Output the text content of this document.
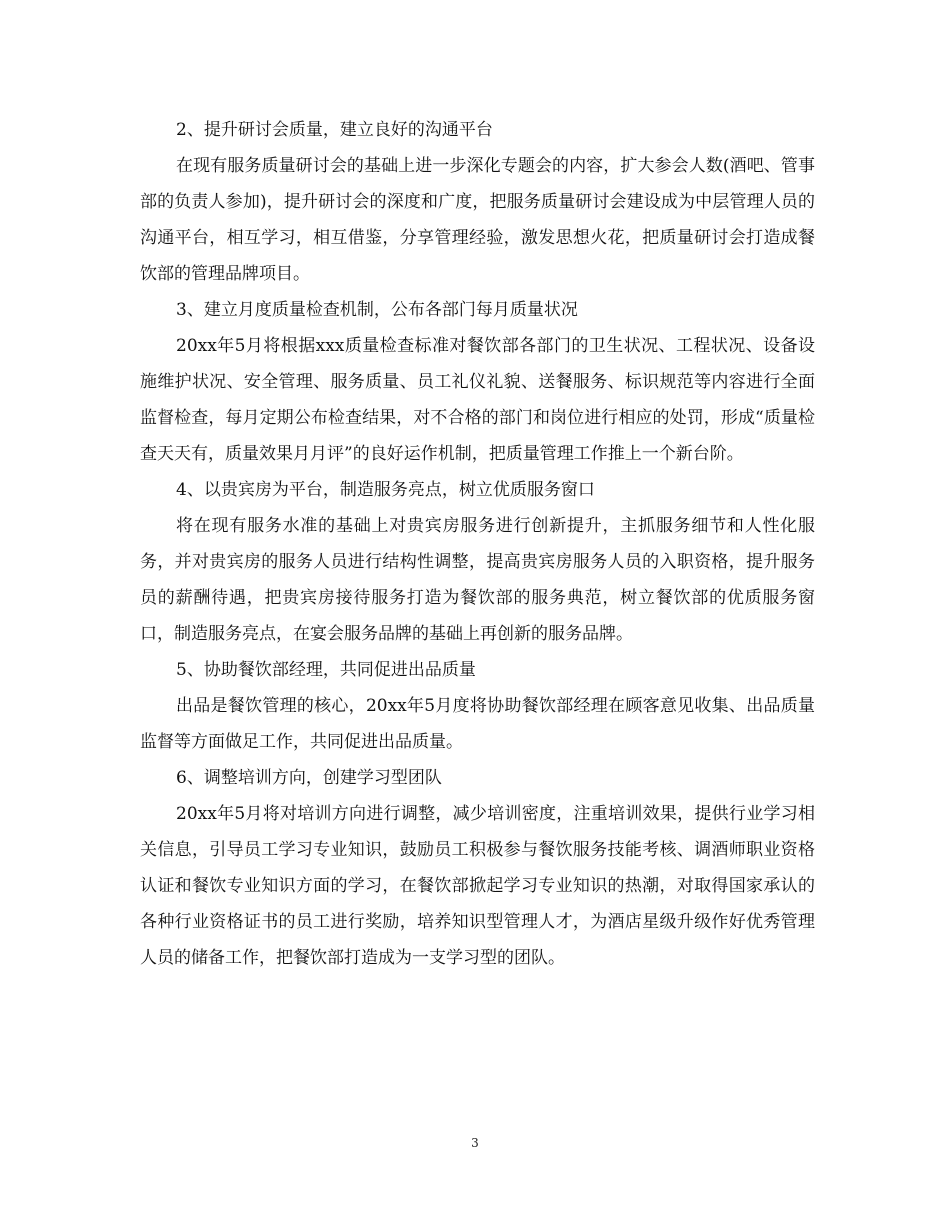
2、提升研讨会质量，建立良好的沟通平台

在现有服务质量研讨会的基础上进一步深化专题会的内容，扩大参会人数(酒吧、管事部的负责人参加)，提升研讨会的深度和广度，把服务质量研讨会建设成为中层管理人员的沟通平台，相互学习，相互借鉴，分享管理经验，激发思想火花，把质量研讨会打造成餐饮部的管理品牌项目。

3、建立月度质量检查机制，公布各部门每月质量状况

20xx年5月将根据xxx质量检查标准对餐饮部各部门的卫生状况、工程状况、设备设施维护状况、安全管理、服务质量、员工礼仪礼貌、送餐服务、标识规范等内容进行全面监督检查，每月定期公布检查结果，对不合格的部门和岗位进行相应的处罚，形成“质量检查天天有，质量效果月月评”的良好运作机制，把质量管理工作推上一个新台阶。

4、以贵宾房为平台，制造服务亮点，树立优质服务窗口

将在现有服务水准的基础上对贵宾房服务进行创新提升，主抓服务细节和人性化服务，并对贵宾房的服务人员进行结构性调整，提高贵宾房服务人员的入职资格，提升服务员的薪酬待遇，把贵宾房接待服务打造为餐饮部的服务典范，树立餐饮部的优质服务窗口，制造服务亮点，在宴会服务品牌的基础上再创新的服务品牌。

5、协助餐饮部经理，共同促进出品质量

出品是餐饮管理的核心，20xx年5月度将协助餐饮部经理在顾客意见收集、出品质量监督等方面做足工作，共同促进出品质量。

6、调整培训方向，创建学习型团队

20xx年5月将对培训方向进行调整，减少培训密度，注重培训效果，提供行业学习相关信息，引导员工学习专业知识，鼓励员工积极参与餐饮服务技能考核、调酒师职业资格认证和餐饮专业知识方面的学习，在餐饮部掀起学习专业知识的热潮，对取得国家承认的各种行业资格证书的员工进行奖励，培养知识型管理人才，为酒店星级升级作好优秀管理人员的储备工作，把餐饮部打造成为一支学习型的团队。

3
